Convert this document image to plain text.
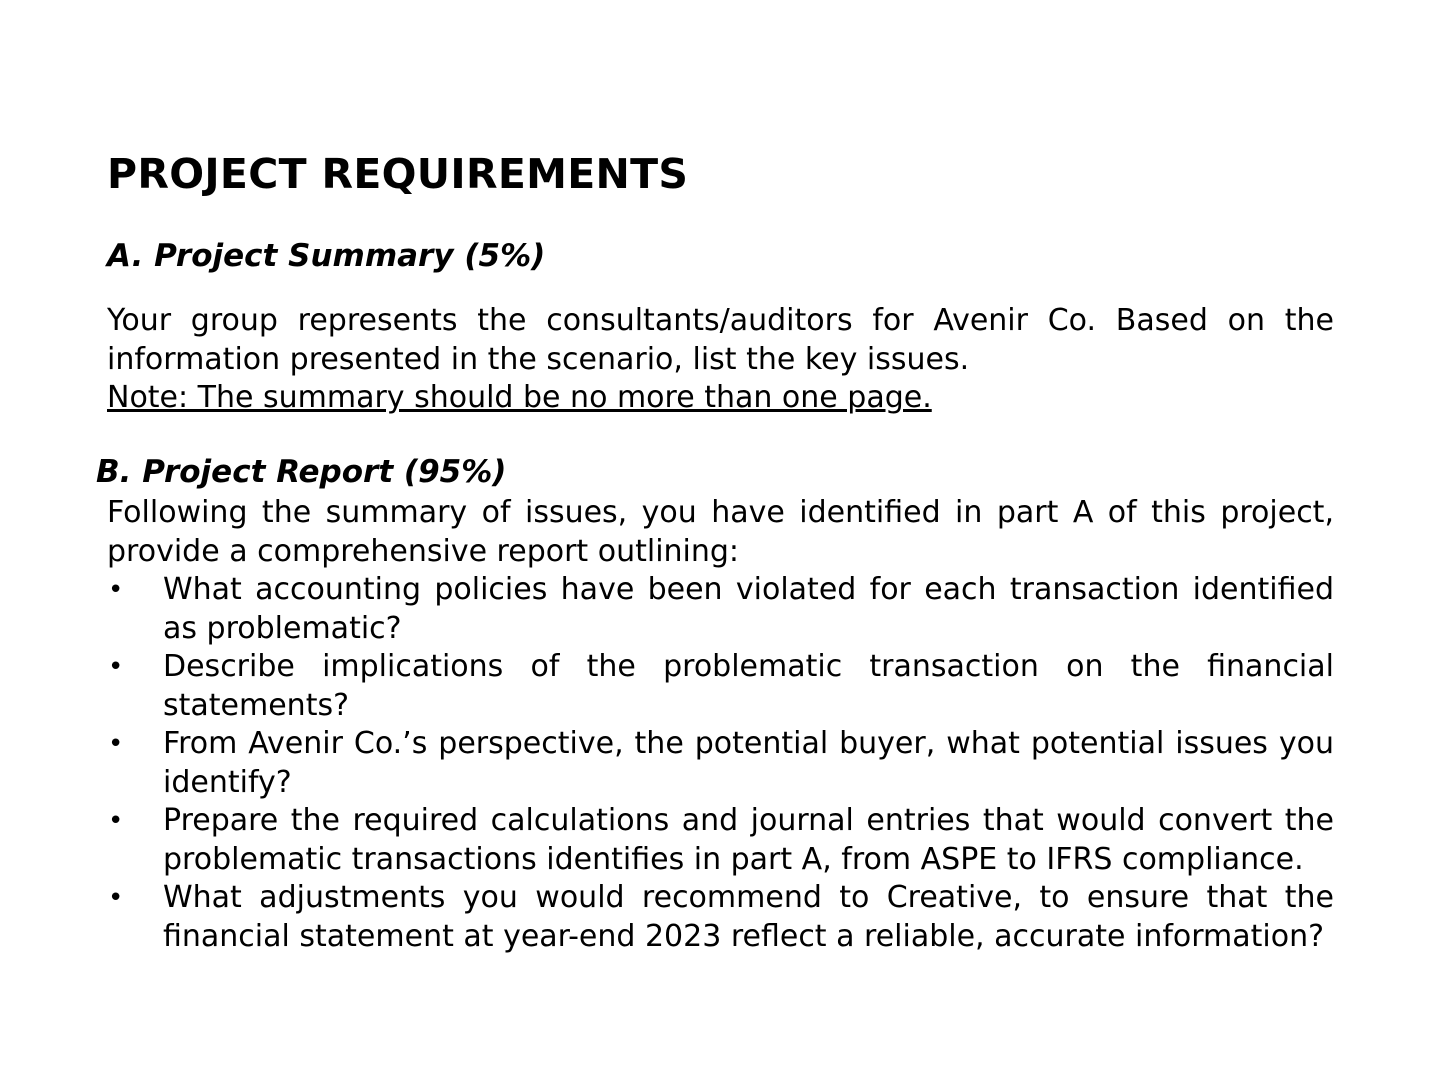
PROJECT REQUIREMENTS
A. Project Summary (5%)

Your group represents the consultants/auditors for Avenir Co. Based on the information presented in the scenario, list the key issues.

Note: The summary should be no more than one page.

B. Project Report (95%)

Following the summary of issues, you have identified in part A of this project, provide a comprehensive report outlining:

• What accounting policies have been violated for each transaction identified as problematic?
• Describe implications of the problematic transaction on the financial statements?
• From Avenir Co.’s perspective, the potential buyer, what potential issues you identify?
• Prepare the required calculations and journal entries that would convert the problematic transactions identifies in part A, from ASPE to IFRS compliance.
• What adjustments you would recommend to Creative, to ensure that the financial statement at year-end 2023 reflect a reliable, accurate information?
